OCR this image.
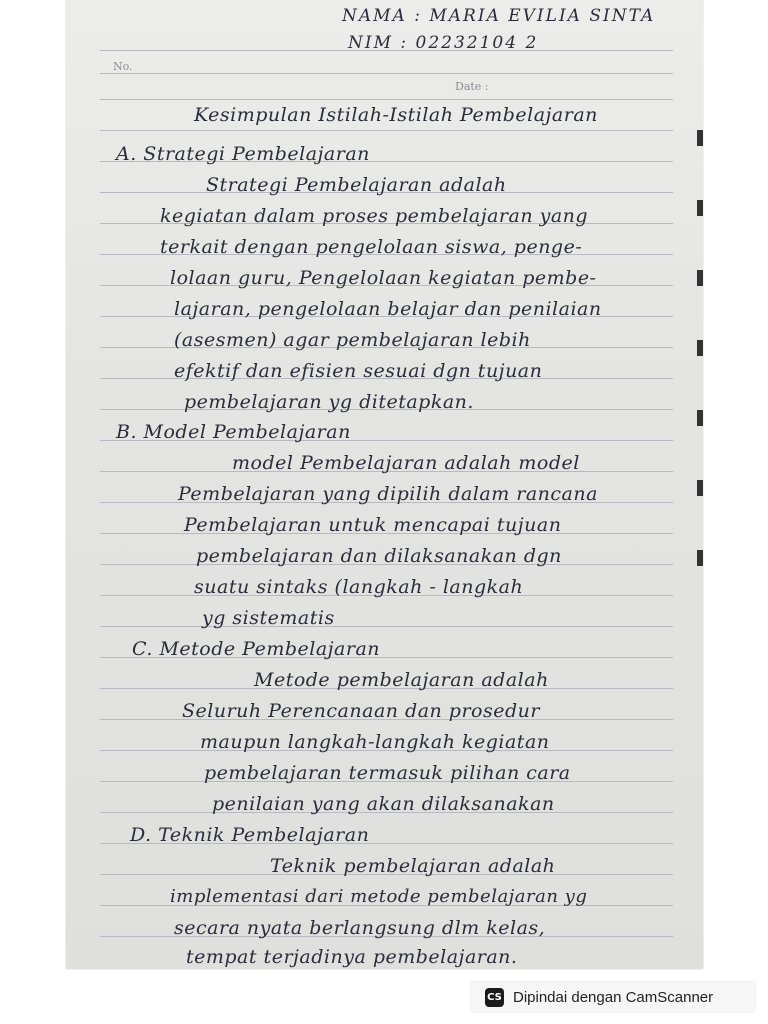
NAMA : MARIA EVILIA SINTA
NIM : 02232104 2
No.
Date :
Kesimpulan Istilah-Istilah Pembelajaran
A. Strategi Pembelajaran
Strategi Pembelajaran adalah
kegiatan dalam proses pembelajaran yang
terkait dengan pengelolaan siswa, penge-
lolaan guru, Pengelolaan kegiatan pembe-
lajaran, pengelolaan belajar dan penilaian
(asesmen) agar pembelajaran lebih
efektif dan efisien sesuai dgn tujuan
pembelajaran yg ditetapkan.
B. Model Pembelajaran
model Pembelajaran adalah model
Pembelajaran yang dipilih dalam rancana
Pembelajaran untuk mencapai tujuan
pembelajaran dan dilaksanakan dgn
suatu sintaks (langkah - langkah
yg sistematis
C. Metode Pembelajaran
Metode pembelajaran adalah
Seluruh Perencanaan dan prosedur
maupun langkah-langkah kegiatan
pembelajaran termasuk pilihan cara
penilaian yang akan dilaksanakan
D. Teknik Pembelajaran
Teknik pembelajaran adalah
implementasi dari metode pembelajaran yg
secara nyata berlangsung dlm kelas,
tempat terjadinya pembelajaran.
CS Dipindai dengan CamScanner
